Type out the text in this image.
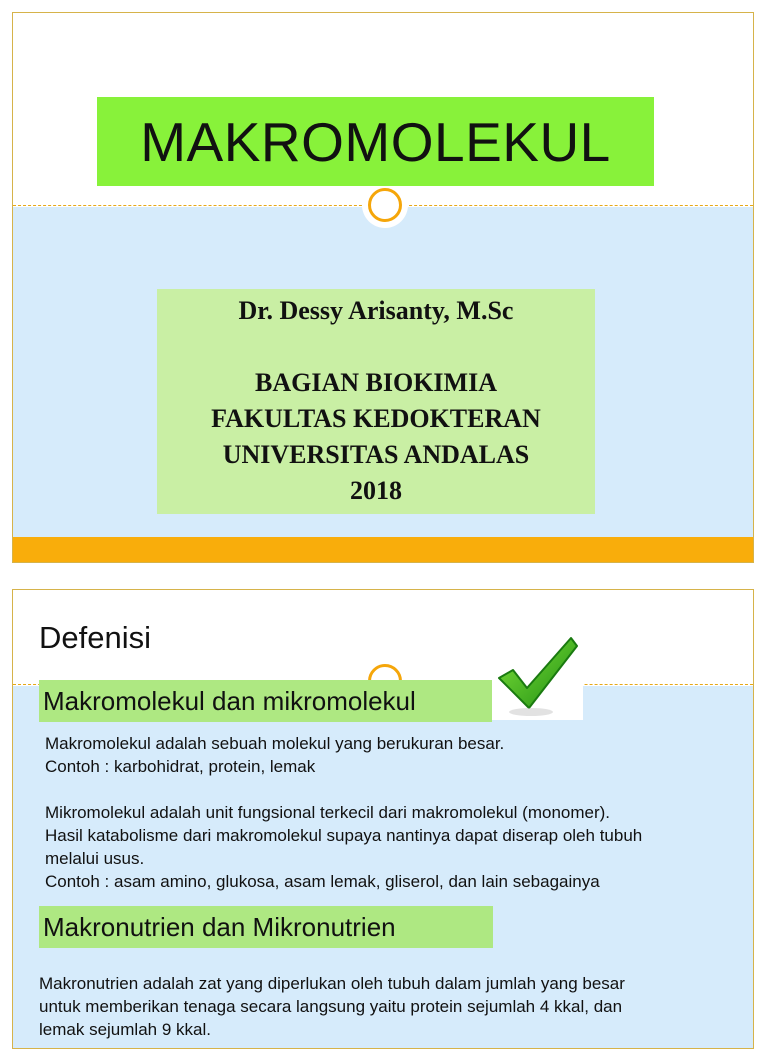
MAKROMOLEKUL
Dr. Dessy Arisanty, M.Sc
BAGIAN BIOKIMIA
FAKULTAS KEDOKTERAN
UNIVERSITAS ANDALAS
2018
Defenisi
Makromolekul dan mikromolekul

Makromolekul adalah sebuah molekul yang berukuran besar.

Contoh : karbohidrat, protein, lemak

Mikromolekul adalah unit fungsional terkecil dari makromolekul (monomer).

Hasil katabolisme dari makromolekul supaya nantinya dapat diserap oleh tubuh

melalui usus.

Contoh : asam amino, glukosa, asam lemak, gliserol, dan lain sebagainya

Makronutrien dan Mikronutrien

Makronutrien adalah zat yang diperlukan oleh tubuh dalam jumlah yang besar

untuk memberikan tenaga secara langsung yaitu protein sejumlah 4 kkal, dan

lemak sejumlah 9 kkal.
